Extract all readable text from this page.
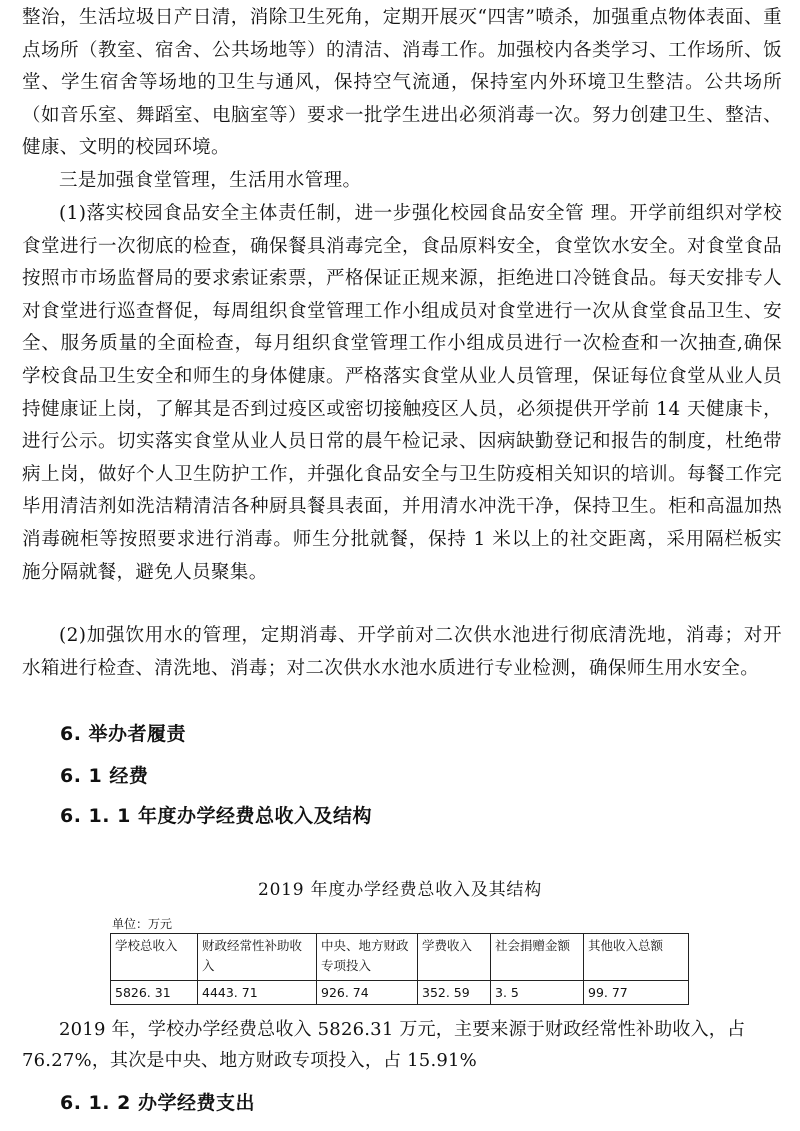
整治，生活垃圾日产日清，消除卫生死角，定期开展灭“四害”喷杀，加强重点物体表面、重点场所（教室、宿舍、公共场地等）的清洁、消毒工作。加强校内各类学习、工作场所、饭堂、学生宿舍等场地的卫生与通风，保持空气流通，保持室内外环境卫生整洁。公共场所（如音乐室、舞蹈室、电脑室等）要求一批学生进出必须消毒一次。努力创建卫生、整洁、健康、文明的校园环境。

三是加强食堂管理，生活用水管理。

(1)落实校园食品安全主体责任制，进一步强化校园食品安全管 理。开学前组织对学校食堂进行一次彻底的检查，确保餐具消毒完全，食品原料安全，食堂饮水安全。对食堂食品按照市市场监督局的要求索证索票，严格保证正规来源，拒绝进口冷链食品。每天安排专人对食堂进行巡查督促，每周组织食堂管理工作小组成员对食堂进行一次从食堂食品卫生、安全、服务质量的全面检查，每月组织食堂管理工作小组成员进行一次检查和一次抽查,确保学校食品卫生安全和师生的身体健康。严格落实食堂从业人员管理，保证每位食堂从业人员持健康证上岗，了解其是否到过疫区或密切接触疫区人员，必须提供开学前 14 天健康卡，进行公示。切实落实食堂从业人员日常的晨午检记录、因病缺勤登记和报告的制度，杜绝带病上岗，做好个人卫生防护工作，并强化食品安全与卫生防疫相关知识的培训。每餐工作完毕用清洁剂如洗洁精清洁各种厨具餐具表面，并用清水冲洗干净，保持卫生。柜和高温加热消毒碗柜等按照要求进行消毒。师生分批就餐，保持 1 米以上的社交距离，采用隔栏板实施分隔就餐，避免人员聚集。

(2)加强饮用水的管理，定期消毒、开学前对二次供水池进行彻底清洗地，消毒；对开水箱进行检查、清洗地、消毒；对二次供水水池水质进行专业检测，确保师生用水安全。

6. 举办者履责
6. 1 经费
6. 1. 1 年度办学经费总收入及结构

2019 年度办学经费总收入及其结构

单位：万元
学校总收入	财政经常性补助收入	中央、地方财政专项投入	学费收入	社会捐赠金额	其他收入总额
5826. 31	4443. 71	926. 74	352. 59	3. 5	99. 77

2019 年，学校办学经费总收入 5826.31 万元，主要来源于财政经常性补助收入，占 76.27%，其次是中央、地方财政专项投入，占 15.91%

6. 1. 2 办学经费支出
